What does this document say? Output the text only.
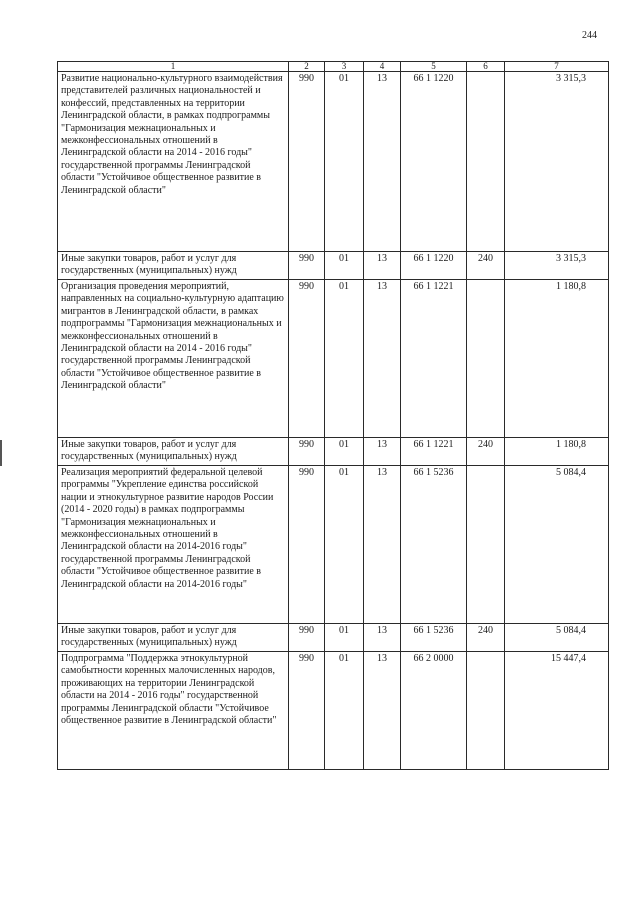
244
1	2	3	4	5	6	7
Развитие национально-культурного взаимодействия представителей различных национальностей и конфессий, представленных на территории Ленинградской области, в рамках подпрограммы "Гармонизация межнациональных и межконфессиональных отношений в Ленинградской области на 2014 - 2016 годы" государственной программы Ленинградской области "Устойчивое общественное развитие в Ленинградской области"	990	01	13	66 1 1220		3 315,3
Иные закупки товаров, работ и услуг для государственных (муниципальных) нужд	990	01	13	66 1 1220	240	3 315,3
Организация проведения мероприятий, направленных на социально-культурную адаптацию мигрантов в Ленинградской области, в рамках подпрограммы "Гармонизация межнациональных и межконфессиональных отношений в Ленинградской области на 2014 - 2016 годы" государственной программы Ленинградской области "Устойчивое общественное развитие в Ленинградской области"	990	01	13	66 1 1221		1 180,8
Иные закупки товаров, работ и услуг для государственных (муниципальных) нужд	990	01	13	66 1 1221	240	1 180,8
Реализация мероприятий федеральной целевой программы "Укрепление единства российской нации и этнокультурное развитие народов России (2014 - 2020 годы) в рамках подпрограммы "Гармонизация межнациональных и межконфессиональных отношений в Ленинградской области на 2014-2016 годы" государственной программы Ленинградской области "Устойчивое общественное развитие в Ленинградской области на 2014-2016 годы"	990	01	13	66 1 5236		5 084,4
Иные закупки товаров, работ и услуг для государственных (муниципальных) нужд	990	01	13	66 1 5236	240	5 084,4
Подпрограмма "Поддержка этнокультурной самобытности коренных малочисленных народов, проживающих на территории Ленинградской области на 2014 - 2016 годы" государственной программы Ленинградской области "Устойчивое общественное развитие в Ленинградской области"	990	01	13	66 2 0000		15 447,4
